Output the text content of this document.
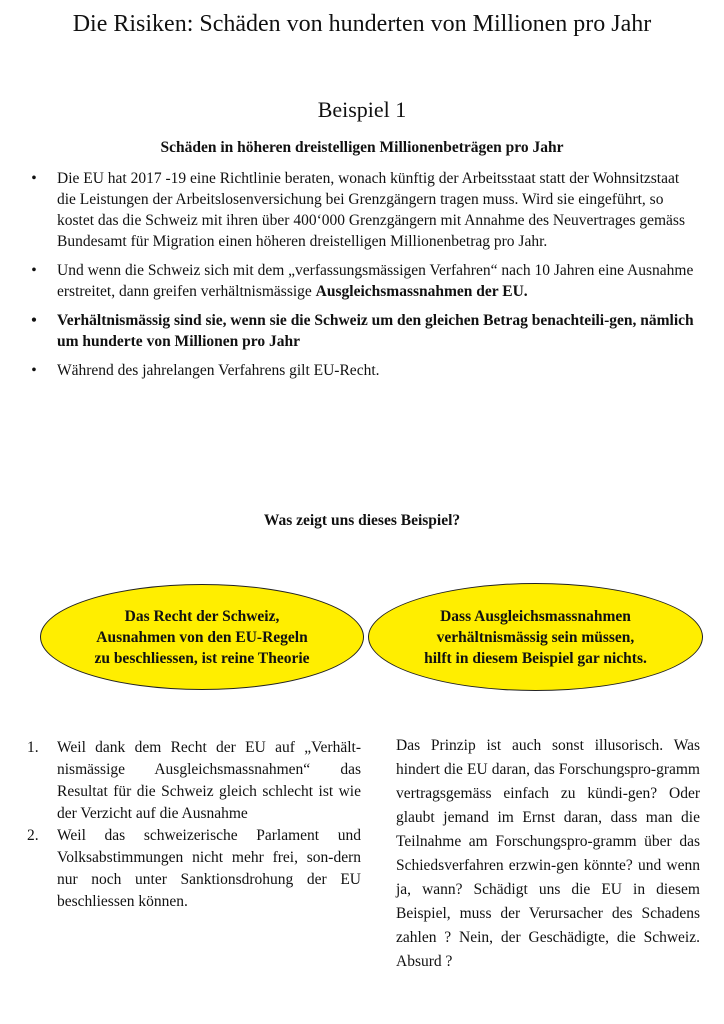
Die Risiken: Schäden von hunderten von Millionen pro Jahr
Beispiel 1
Schäden in höheren dreistelligen Millionenbeträgen pro Jahr
• Die EU hat 2017 -19 eine Richtlinie beraten, wonach künftig der Arbeitsstaat statt der Wohnsitzstaat die Leistungen der Arbeitslosenversichung bei Grenzgängern tragen muss. Wird sie eingeführt, so kostet das die Schweiz mit ihren über 400‘000 Grenzgängern mit Annahme des Neuvertrages gemäss Bundesamt für Migration einen höheren dreistelligen Millionenbetrag pro Jahr.
• Und wenn die Schweiz sich mit dem „verfassungsmässigen Verfahren“ nach 10 Jahren eine Ausnahme erstreitet, dann greifen verhältnismässige Ausgleichsmassnahmen der EU.
• Verhältnismässig sind sie, wenn sie die Schweiz um den gleichen Betrag benachteili-gen, nämlich um hunderte von Millionen pro Jahr
• Während des jahrelangen Verfahrens gilt EU-Recht.
Was zeigt uns dieses Beispiel?
Das Recht der Schweiz,
Ausnahmen von den EU-Regeln
zu beschliessen, ist reine Theorie
Dass Ausgleichsmassnahmen
verhältnismässig sein müssen,
hilft in diesem Beispiel gar nichts.
1. Weil dank dem Recht der EU auf „Verhält-nismässige Ausgleichsmassnahmen“ das Resultat für die Schweiz gleich schlecht ist wie der Verzicht auf die Ausnahme
2. Weil das schweizerische Parlament und Volksabstimmungen nicht mehr frei, son-dern nur noch unter Sanktionsdrohung der EU beschliessen können.

Das Prinzip ist auch sonst illusorisch. Was hindert die EU daran, das Forschungspro-gramm vertragsgemäss einfach zu kündi-gen? Oder glaubt jemand im Ernst daran, dass man die Teilnahme am Forschungspro-gramm über das Schiedsverfahren erzwin-gen könnte? und wenn ja, wann? Schädigt uns die EU in diesem Beispiel, muss der Verursacher des Schadens zahlen ? Nein, der Geschädigte, die Schweiz. Absurd ?
